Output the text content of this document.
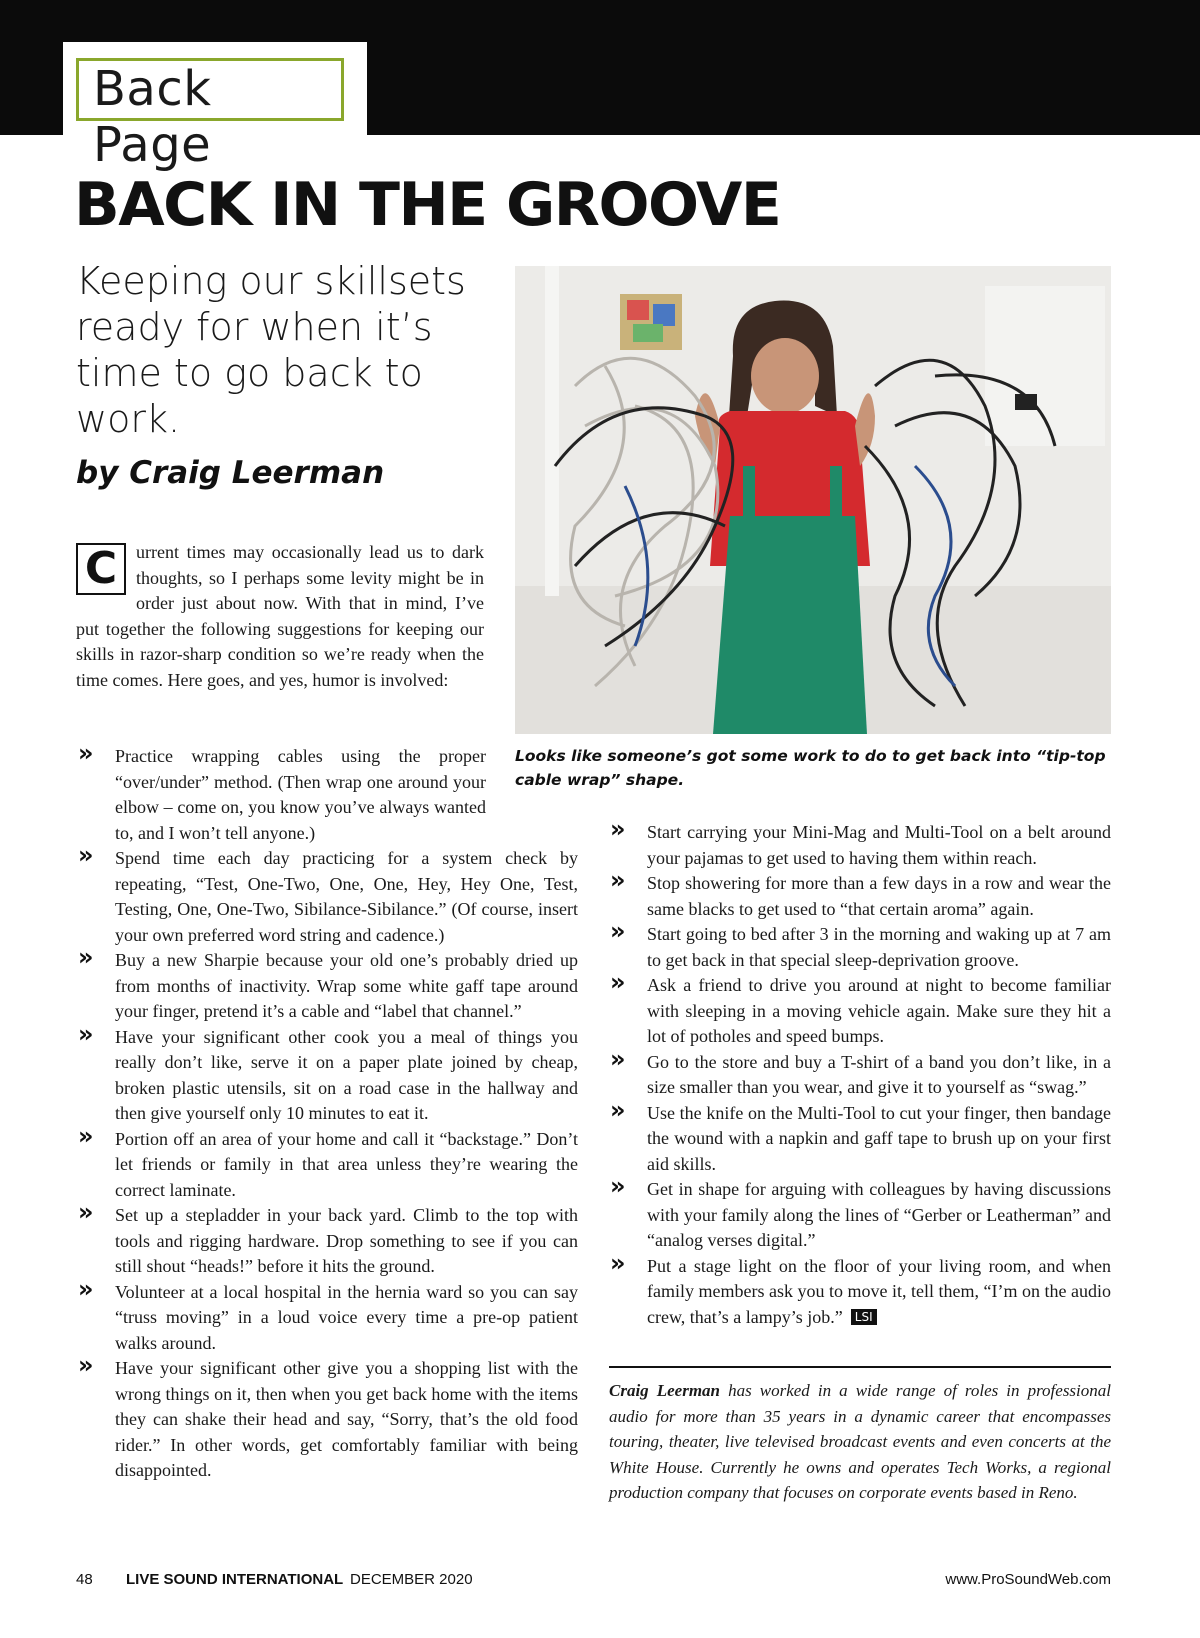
Back Page
BACK IN THE GROOVE
Keeping our skillsets ready for when it’s time to go back to work.
by Craig Leerman
Looks like someone’s got some work to do to get back into “tip-top cable wrap” shape.
C	urrent times may occasionally lead us to dark thoughts, so I perhaps some levity might be in order just about now. With that in mind, I’ve put together the following suggestions for keeping our skills in razor-sharp condition so we’re ready when the time comes. Here goes, and yes, humor is involved:
» Practice wrapping cables using the proper “over/under” method. (Then wrap one around your elbow – come on, you know you’ve always wanted to, and I won’t tell anyone.)
» Spend time each day practicing for a system check by repeating, “Test, One-Two, One, One, Hey, Hey One, Test, Testing, One, One-Two, Sibilance-Sibilance.” (Of course, insert your own preferred word string and cadence.)
» Buy a new Sharpie because your old one’s probably dried up from months of inactivity. Wrap some white gaff tape around your finger, pretend it’s a cable and “label that channel.”
» Have your significant other cook you a meal of things you really don’t like, serve it on a paper plate joined by cheap, broken plastic utensils, sit on a road case in the hallway and then give yourself only 10 minutes to eat it.
» Portion off an area of your home and call it “backstage.” Don’t let friends or family in that area unless they’re wearing the correct laminate.
» Set up a stepladder in your back yard. Climb to the top with tools and rigging hardware. Drop something to see if you can still shout “heads!” before it hits the ground.
» Volunteer at a local hospital in the hernia ward so you can say “truss moving” in a loud voice every time a pre-op patient walks around.
» Have your significant other give you a shopping list with the wrong things on it, then when you get back home with the items they can shake their head and say, “Sorry, that’s the old food rider.” In other words, get comfortably familiar with being disappointed.
» Start carrying your Mini-Mag and Multi-Tool on a belt around your pajamas to get used to having them within reach.
» Stop showering for more than a few days in a row and wear the same blacks to get used to “that certain aroma” again.
» Start going to bed after 3 in the morning and waking up at 7 am to get back in that special sleep-deprivation groove.
» Ask a friend to drive you around at night to become familiar with sleeping in a moving vehicle again. Make sure they hit a lot of potholes and speed bumps.
» Go to the store and buy a T-shirt of a band you don’t like, in a size smaller than you wear, and give it to yourself as “swag.”
» Use the knife on the Multi-Tool to cut your finger, then bandage the wound with a napkin and gaff tape to brush up on your first aid skills.
» Get in shape for arguing with colleagues by having discussions with your family along the lines of “Gerber or Leatherman” and “analog verses digital.”
» Put a stage light on the floor of your living room, and when family members ask you to move it, tell them, “I’m on the audio crew, that’s a lampy’s job.” LSI
Craig Leerman has worked in a wide range of roles in professional audio for more than 35 years in a dynamic career that encompasses touring, theater, live televised broadcast events and even concerts at the White House. Currently he owns and operates Tech Works, a regional production company that focuses on corporate events based in Reno.
48 LIVE SOUND INTERNATIONAL DECEMBER 2020	www.ProSoundWeb.com
